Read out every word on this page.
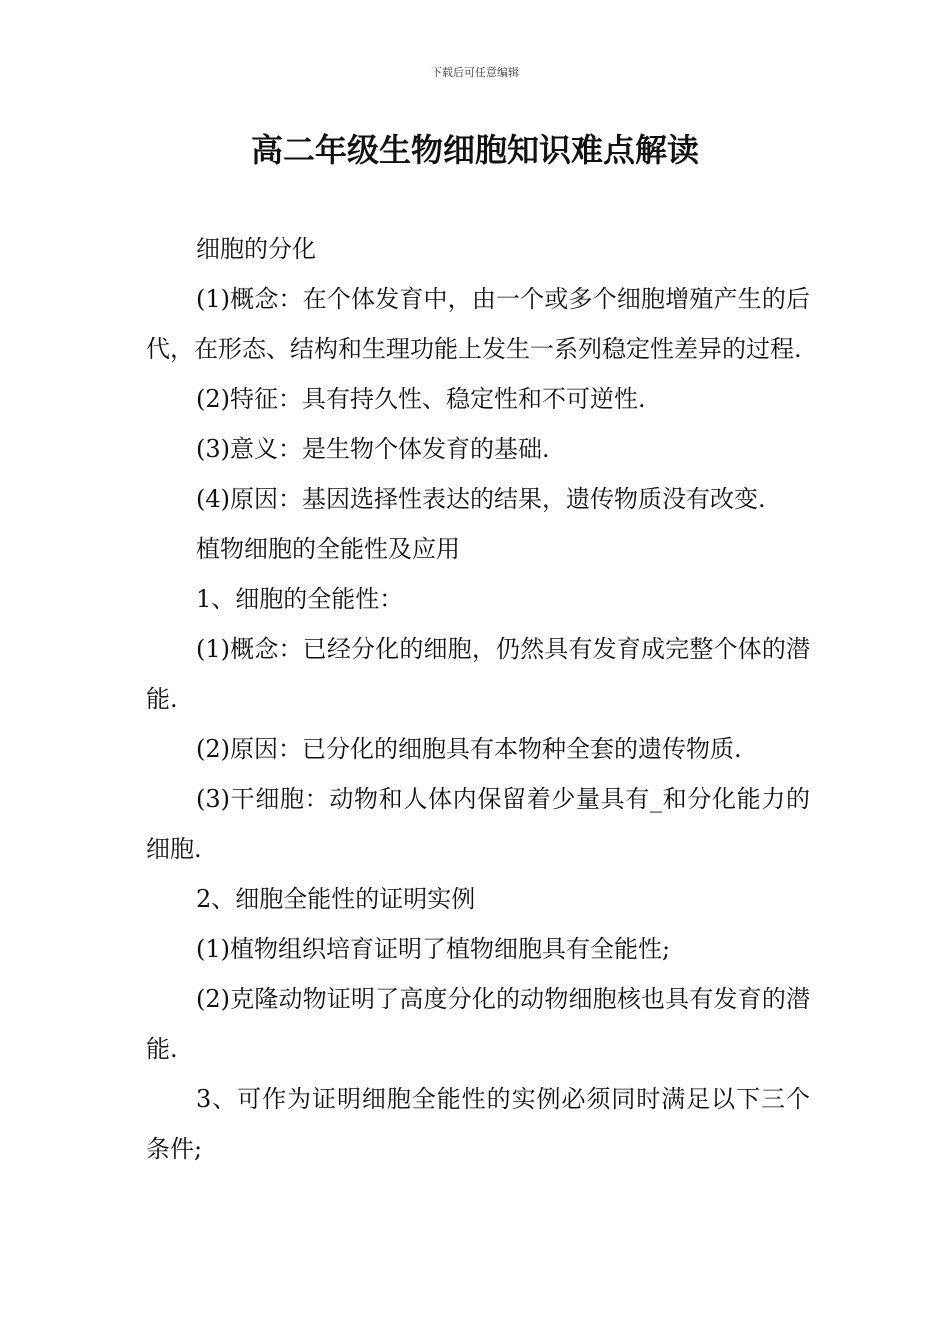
下载后可任意编辑
高二年级生物细胞知识难点解读

细胞的分化

(1)概念：在个体发育中，由一个或多个细胞增殖产生的后代，在形态、结构和生理功能上发生一系列稳定性差异的过程.

(2)特征：具有持久性、稳定性和不可逆性.

(3)意义：是生物个体发育的基础.

(4)原因：基因选择性表达的结果，遗传物质没有改变.

植物细胞的全能性及应用

1、细胞的全能性：

(1)概念：已经分化的细胞，仍然具有发育成完整个体的潜能.

(2)原因：已分化的细胞具有本物种全套的遗传物质.

(3)干细胞：动物和人体内保留着少量具有_和分化能力的细胞.

2、细胞全能性的证明实例

(1)植物组织培育证明了植物细胞具有全能性;

(2)克隆动物证明了高度分化的动物细胞核也具有发育的潜能.

3、可作为证明细胞全能性的实例必须同时满足以下三个条件;
